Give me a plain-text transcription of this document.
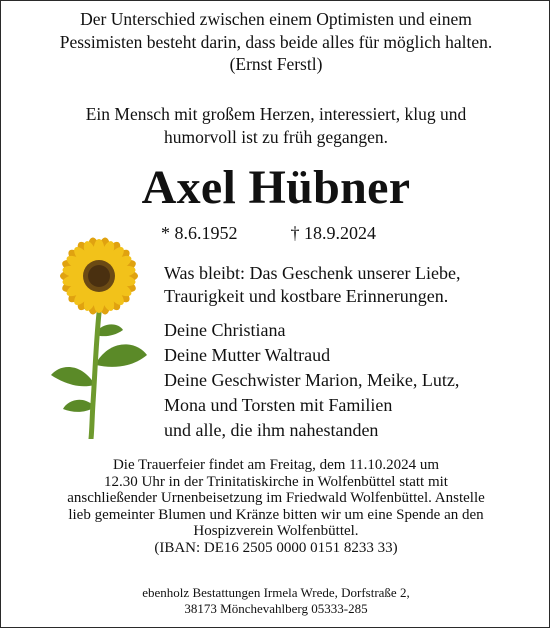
Der Unterschied zwischen einem Optimisten und einem
Pessimisten besteht darin, dass beide alles für möglich halten.
(Ernst Ferstl)
Ein Mensch mit großem Herzen, interessiert, klug und
humorvoll ist zu früh gegangen.
Axel Hübner
* 8.6.1952	† 18.9.2024
Was bleibt: Das Geschenk unserer Liebe,
Traurigkeit und kostbare Erinnerungen.
Deine Christiana
Deine Mutter Waltraud
Deine Geschwister Marion, Meike, Lutz,
Mona und Torsten mit Familien
und alle, die ihm nahestanden
Die Trauerfeier findet am Freitag, dem 11.10.2024 um
12.30 Uhr in der Trinitatiskirche in Wolfenbüttel statt mit
anschließender Urnenbeisetzung im Friedwald Wolfenbüttel. Anstelle
lieb gemeinter Blumen und Kränze bitten wir um eine Spende an den
Hospizverein Wolfenbüttel.
(IBAN: DE16 2505 0000 0151 8233 33)
ebenholz Bestattungen Irmela Wrede, Dorfstraße 2,
38173 Mönchevahlberg 05333-285
